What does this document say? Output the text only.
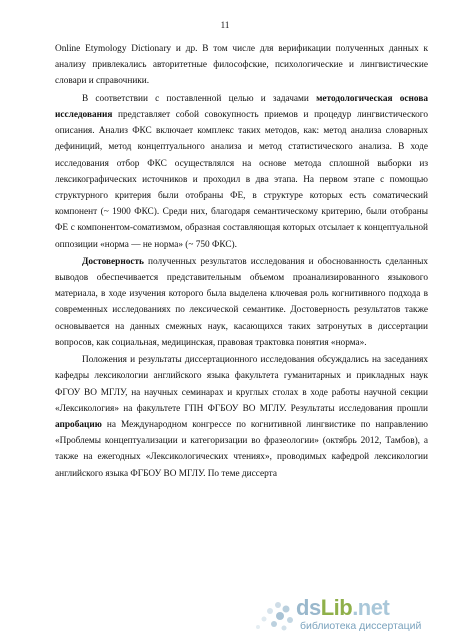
11

Online Etymology Dictionary и др. В том числе для верификации полученных данных к анализу привлекались авторитетные философские, психологические и лингвистические словари и справочники.

В соответствии с поставленной целью и задачами методологическая основа исследования представляет собой совокупность приемов и процедур лингвистического описания. Анализ ФКС включает комплекс таких методов, как: метод анализа словарных дефиниций, метод концептуального анализа и метод статистического анализа. В ходе исследования отбор ФКС осуществлялся на основе метода сплошной выборки из лексикографических источников и проходил в два этапа. На первом этапе с помощью структурного критерия были отобраны ФЕ, в структуре которых есть соматический компонент (~ 1900 ФКС). Среди них, благодаря семантическому критерию, были отобраны ФЕ с компонентом-соматизмом, образная составляющая которых отсылает к концептуальной оппозиции «норма — не норма» (~ 750 ФКС).

Достоверность полученных результатов исследования и обоснованность сделанных выводов обеспечивается представительным объемом проанализированного языкового материала, в ходе изучения которого была выделена ключевая роль когнитивного подхода в современных исследованиях по лексической семантике. Достоверность результатов также основывается на данных смежных наук, касающихся таких затронутых в диссертации вопросов, как социальная, медицинская, правовая трактовка понятия «норма».

Положения и результаты диссертационного исследования обсуждались на заседаниях кафедры лексикологии английского языка факультета гуманитарных и прикладных наук ФГОУ ВО МГЛУ, на научных семинарах и круглых столах в ходе работы научной секции «Лексикология» на факультете ГПН ФГБОУ ВО МГЛУ. Результаты исследования прошли апробацию на Международном конгрессе по когнитивной лингвистике по направлению «Проблемы концептуализации и категоризации во фразеологии» (октябрь 2012, Тамбов), а также на ежегодных «Лексикологических чтениях», проводимых кафедрой лексикологии английского языка ФГБОУ ВО МГЛУ. По теме диссерта

dsLib.net
библиотека диссертаций
